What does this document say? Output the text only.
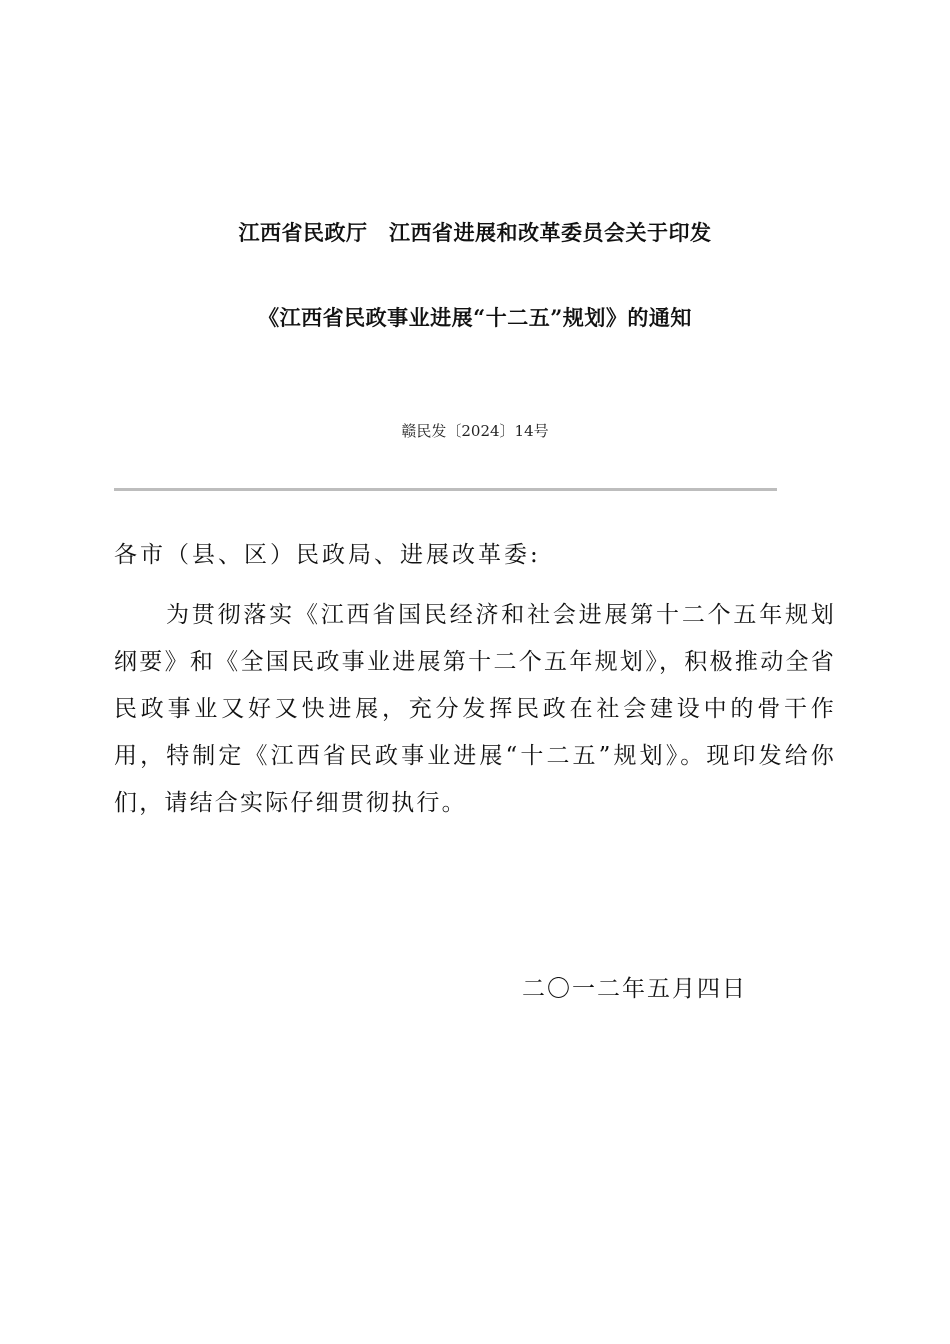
江西省民政厅　江西省进展和改革委员会关于印发
《江西省民政事业进展“十二五”规划》的通知
赣民发〔2024〕14号
各市（县、区）民政局、进展改革委:

为贯彻落实《江西省国民经济和社会进展第十二个五年规划纲要》和《全国民政事业进展第十二个五年规划》，积极推动全省民政事业又好又快进展，充分发挥民政在社会建设中的骨干作用，特制定《江西省民政事业进展“十二五”规划》。现印发给你们，请结合实际仔细贯彻执行。

二〇一二年五月四日
